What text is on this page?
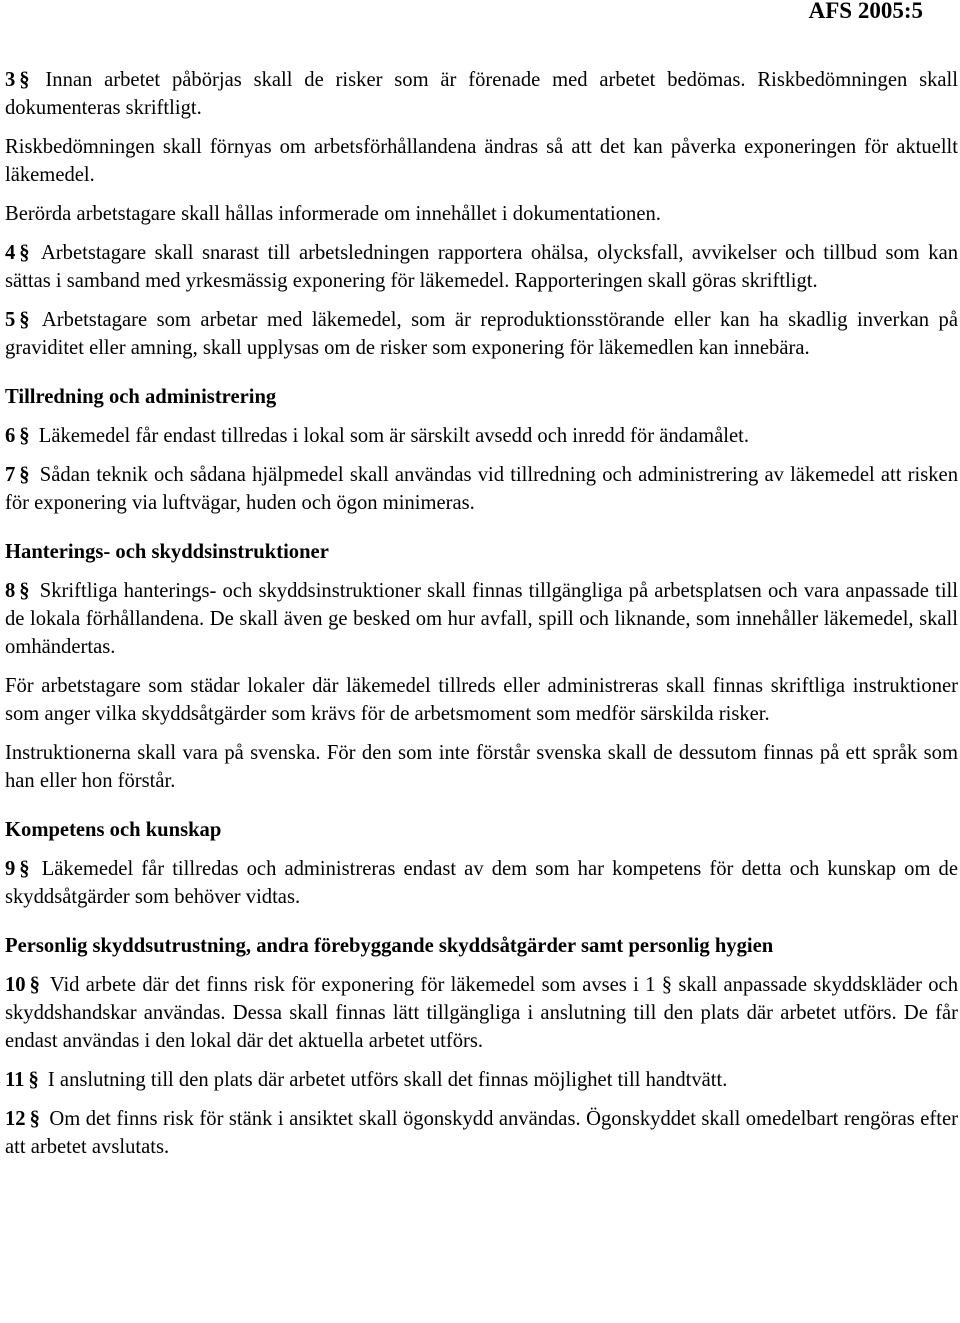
AFS 2005:5

3 § Innan arbetet påbörjas skall de risker som är förenade med arbetet bedömas. Riskbedömningen skall dokumenteras skriftligt.

Riskbedömningen skall förnyas om arbetsförhållandena ändras så att det kan påverka exponeringen för aktuellt läkemedel.

Berörda arbetstagare skall hållas informerade om innehållet i dokumentationen.

4 § Arbetstagare skall snarast till arbetsledningen rapportera ohälsa, olycksfall, avvikelser och tillbud som kan sättas i samband med yrkesmässig exponering för läkemedel. Rapporteringen skall göras skriftligt.

5 § Arbetstagare som arbetar med läkemedel, som är reproduktionsstörande eller kan ha skadlig inverkan på graviditet eller amning, skall upplysas om de risker som exponering för läkemedlen kan innebära.

Tillredning och administrering

6 § Läkemedel får endast tillredas i lokal som är särskilt avsedd och inredd för ändamålet.

7 § Sådan teknik och sådana hjälpmedel skall användas vid tillredning och administrering av läkemedel att risken för exponering via luftvägar, huden och ögon minimeras.

Hanterings- och skyddsinstruktioner

8 § Skriftliga hanterings- och skyddsinstruktioner skall finnas tillgängliga på arbetsplatsen och vara anpassade till de lokala förhållandena. De skall även ge besked om hur avfall, spill och liknande, som innehåller läkemedel, skall omhändertas.

För arbetstagare som städar lokaler där läkemedel tillreds eller administreras skall finnas skriftliga instruktioner som anger vilka skyddsåtgärder som krävs för de arbetsmoment som medför särskilda risker.

Instruktionerna skall vara på svenska. För den som inte förstår svenska skall de dessutom finnas på ett språk som han eller hon förstår.

Kompetens och kunskap

9 § Läkemedel får tillredas och administreras endast av dem som har kompetens för detta och kunskap om de skyddsåtgärder som behöver vidtas.

Personlig skyddsutrustning, andra förebyggande skyddsåtgärder samt personlig hygien

10 § Vid arbete där det finns risk för exponering för läkemedel som avses i 1 § skall anpassade skyddskläder och skyddshandskar användas. Dessa skall finnas lätt tillgängliga i anslutning till den plats där arbetet utförs. De får endast användas i den lokal där det aktuella arbetet utförs.

11 § I anslutning till den plats där arbetet utförs skall det finnas möjlighet till handtvätt.

12 § Om det finns risk för stänk i ansiktet skall ögonskydd användas. Ögonskyddet skall omedelbart rengöras efter att arbetet avslutats.
